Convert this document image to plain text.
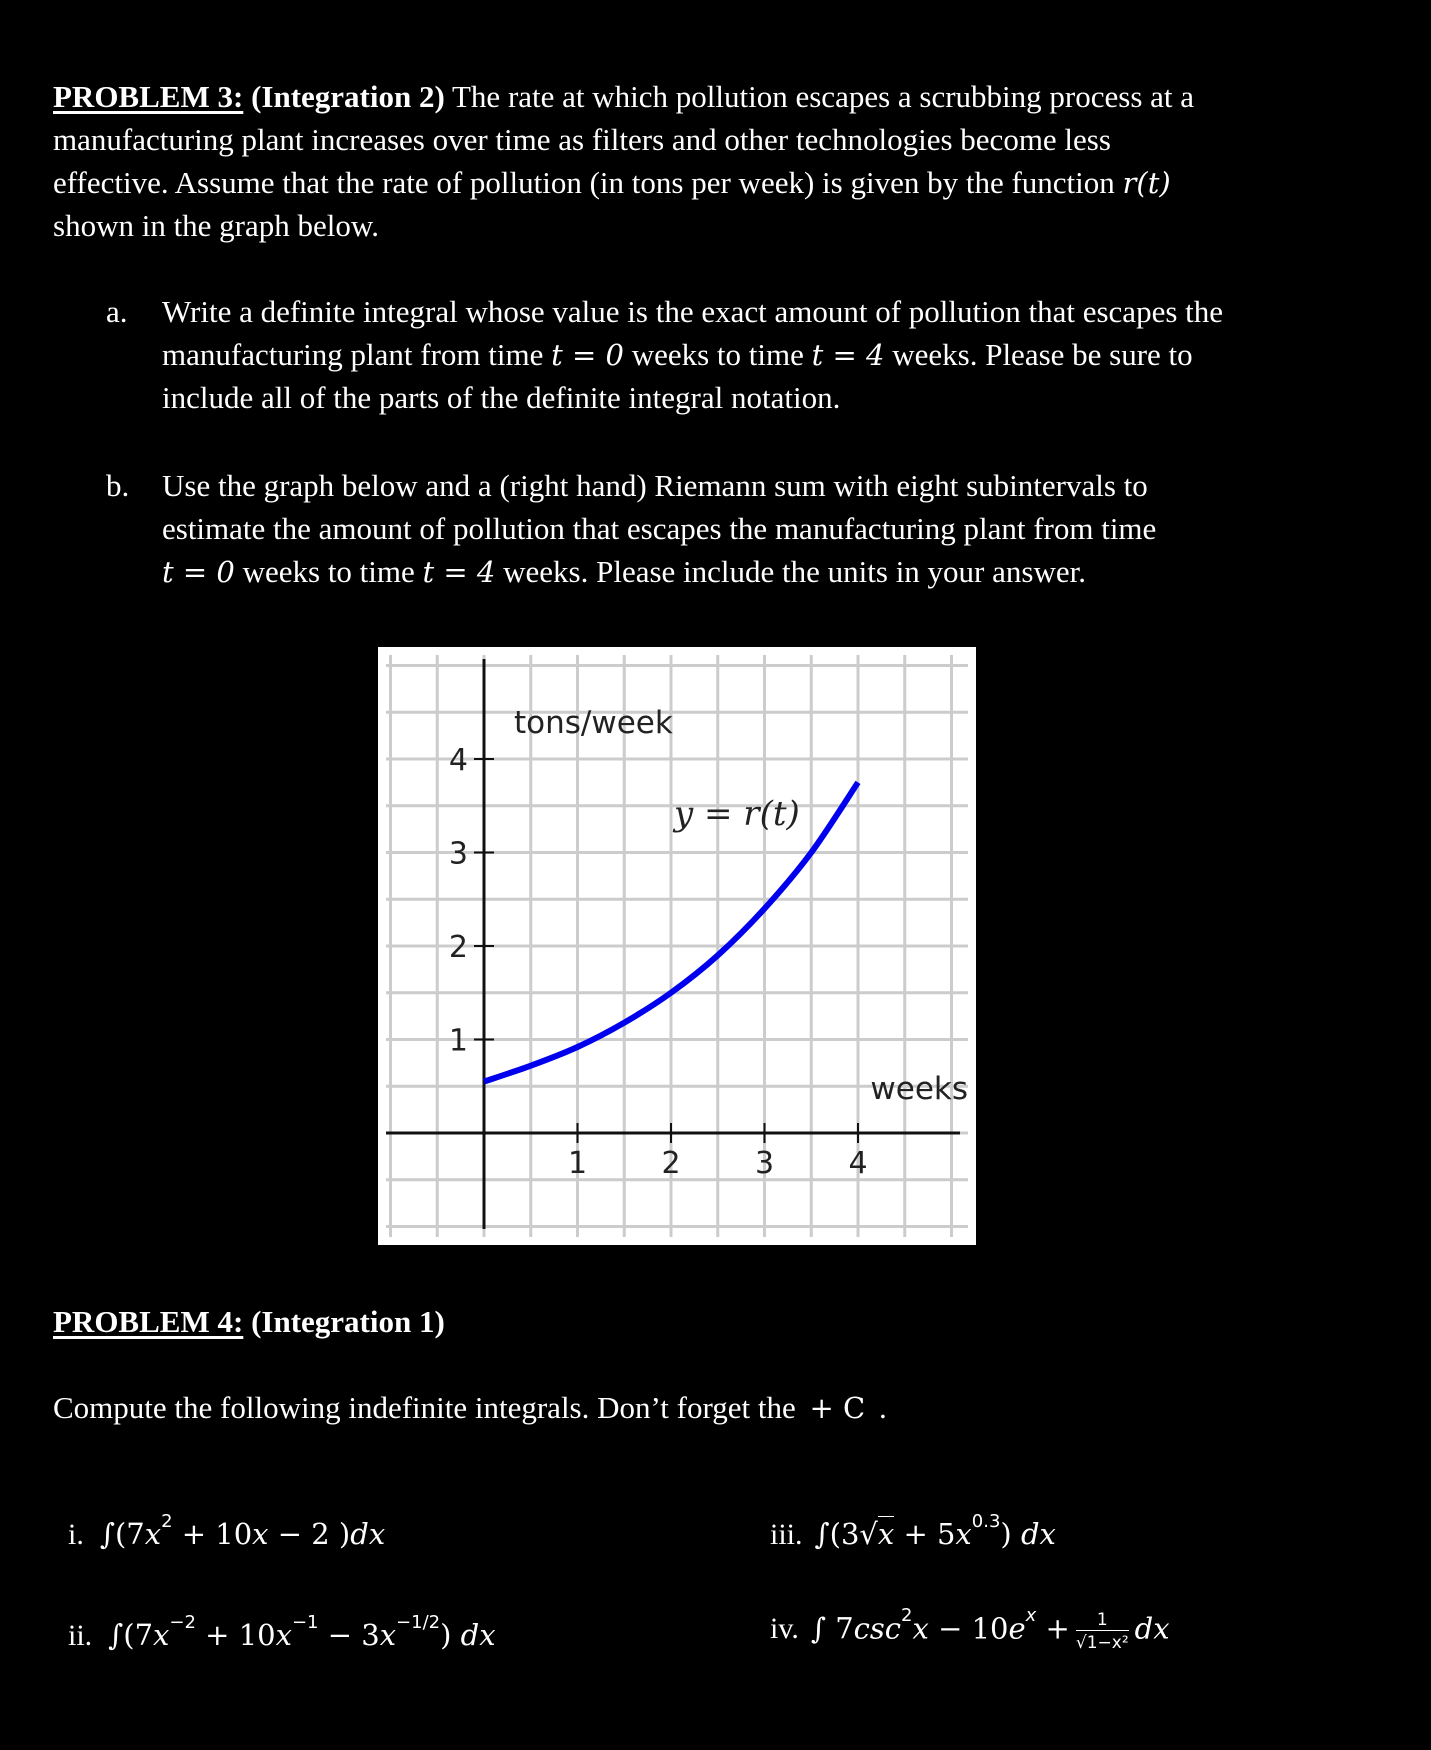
PROBLEM 3: (Integration 2) The rate at which pollution escapes a scrubbing process at a
manufacturing plant increases over time as filters and other technologies become less
effective. Assume that the rate of pollution (in tons per week) is given by the function r(t)
shown in the graph below.
a. Write a definite integral whose value is the exact amount of pollution that escapes the
manufacturing plant from time t = 0 weeks to time t = 4 weeks. Please be sure to
include all of the parts of the definite integral notation.
b. Use the graph below and a (right hand) Riemann sum with eight subintervals to
estimate the amount of pollution that escapes the manufacturing plant from time
t = 0 weeks to time t = 4 weeks. Please include the units in your answer.
1 2 3 4
1
2
3
4
tons/week
weeks
y = r(t)
PROBLEM 4: (Integration 1)
Compute the following indefinite integrals. Don’t forget the + C .
i. $\int(7x^2 + 10x - 2$ )dx
ii. $\int(7x^{-2} + 10x^{-1} - 3x^{-1/2})$ dx
iii. $\int(3√x + 5x^{0.3})$ dx
iv. ∫ $7\csc^2x - 10e^x + \frac{1}{\text{√1−x²}}$ dx
